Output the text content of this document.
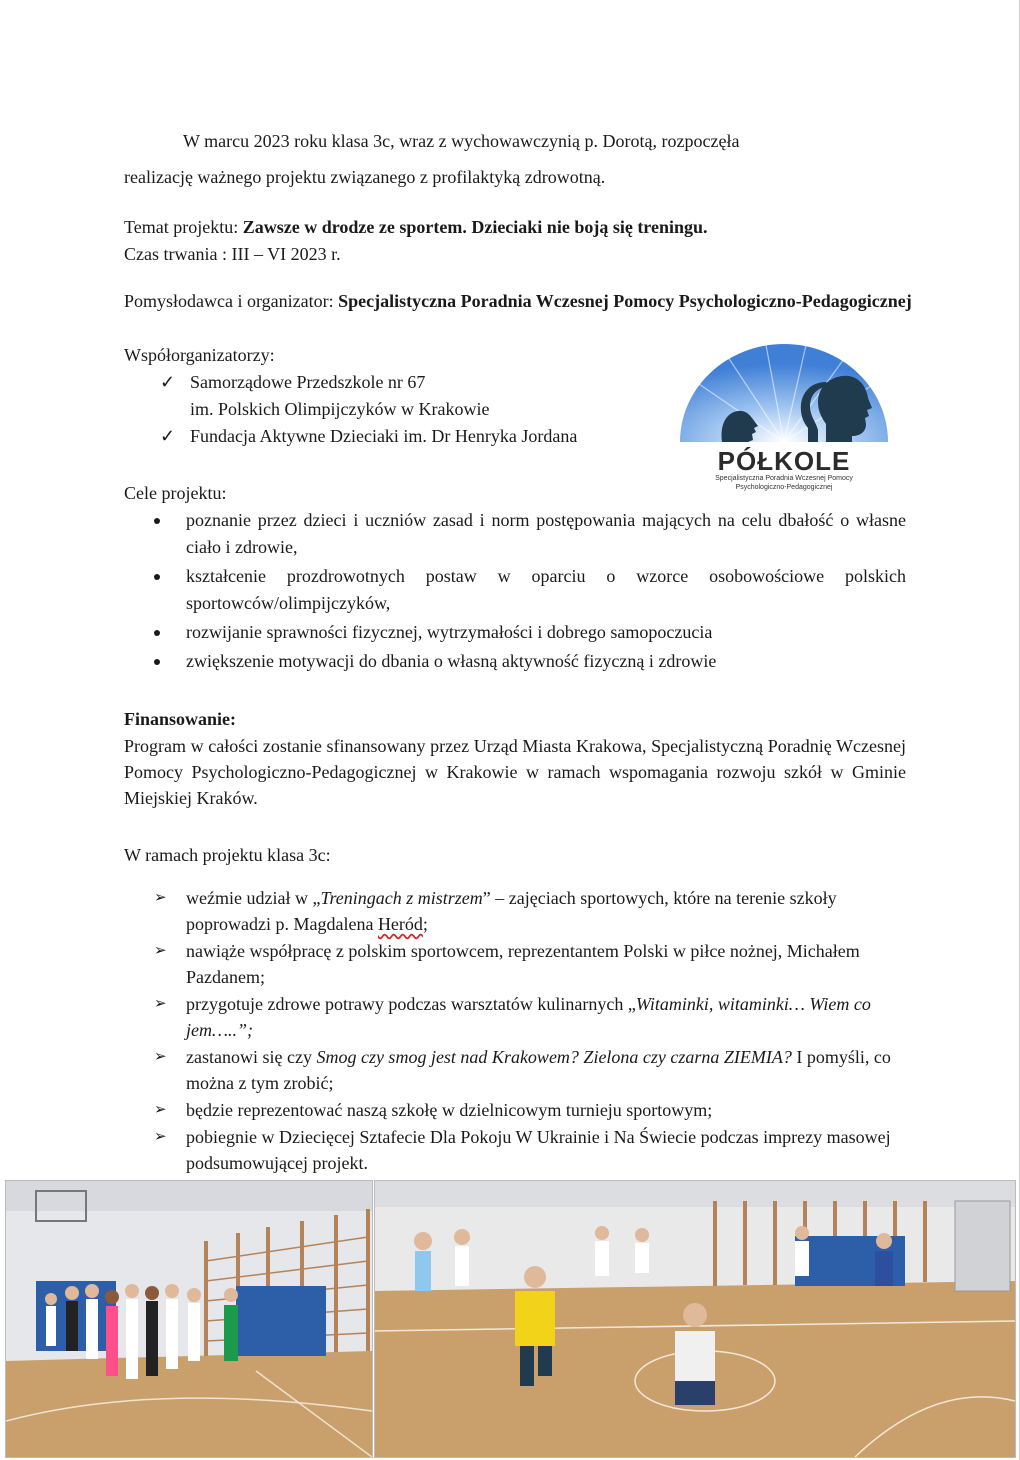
W marcu 2023 roku klasa 3c, wraz z wychowawczynią p. Dorotą, rozpoczęła
realizację ważnego projektu związanego z profilaktyką zdrowotną.
Temat projektu: Zawsze w drodze ze sportem. Dzieciaki nie boją się treningu.
Czas trwania : III – VI 2023 r.
Pomysłodawca i organizator: Specjalistyczna Poradnia Wczesnej Pomocy Psychologiczno-Pedagogicznej
Współorganizatorzy:
✓ Samorządowe Przedszkole nr 67
im. Polskich Olimpijczyków w Krakowie
✓ Fundacja Aktywne Dzieciaki im. Dr Henryka Jordana
PÓŁKOLE
Specjalistyczna Poradnia Wczesnej Pomocy
Psychologiczno-Pedagogicznej
Cele projektu:
poznanie przez dzieci i uczniów zasad i norm postępowania mających na celu dbałość o własne ciało i zdrowie,
kształcenie prozdrowotnych postaw w oparciu o wzorce osobowościowe polskich sportowców/olimpijczyków,
rozwijanie sprawności fizycznej, wytrzymałości i dobrego samopoczucia
zwiększenie motywacji do dbania o własną aktywność fizyczną i zdrowie
Finansowanie:
Program w całości zostanie sfinansowany przez Urząd Miasta Krakowa, Specjalistyczną Poradnię Wczesnej Pomocy Psychologiczno-Pedagogicznej w Krakowie w ramach wspomagania rozwoju szkół w Gminie Miejskiej Kraków.
W ramach projektu klasa 3c:
➢ weźmie udział w „Treningach z mistrzem” – zajęciach sportowych, które na terenie szkoły poprowadzi p. Magdalena Heród;
➢ nawiąże współpracę z polskim sportowcem, reprezentantem Polski w piłce nożnej, Michałem Pazdanem;
➢ przygotuje zdrowe potrawy podczas warsztatów kulinarnych „Witaminki, witaminki… Wiem co jem…..”;
➢ zastanowi się czy Smog czy smog jest nad Krakowem? Zielona czy czarna ZIEMIA? I pomyśli, co można z tym zrobić;
➢ będzie reprezentować naszą szkołę w dzielnicowym turnieju sportowym;
➢ pobiegnie w Dziecięcej Sztafecie Dla Pokoju W Ukrainie i Na Świecie podczas imprezy masowej podsumowującej projekt.
